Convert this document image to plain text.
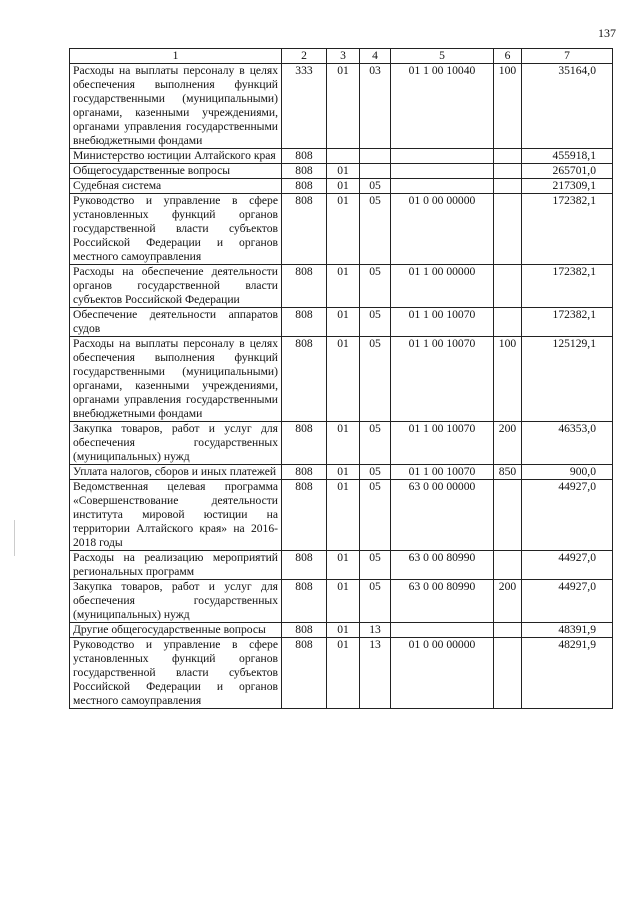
137
1	2	3	4	5	6	7
Расходы на выплаты персоналу в целях обеспечения выполнения функций государственными (муниципальными) органами, казенными учреждениями, органами управления государственными внебюджетными фондами	333	01	03	01 1 00 10040	100	35164,0
Министерство юстиции Алтайского края	808					455918,1
Общегосударственные вопросы	808	01				265701,0
Судебная система	808	01	05			217309,1
Руководство и управление в сфере установленных функций органов государственной власти субъектов Российской Федерации и органов местного самоуправления	808	01	05	01 0 00 00000		172382,1
Расходы на обеспечение деятельности органов государственной власти субъектов Российской Федерации	808	01	05	01 1 00 00000		172382,1
Обеспечение деятельности аппаратов судов	808	01	05	01 1 00 10070		172382,1
Расходы на выплаты персоналу в целях обеспечения выполнения функций государственными (муниципальными) органами, казенными учреждениями, органами управления государственными внебюджетными фондами	808	01	05	01 1 00 10070	100	125129,1
Закупка товаров, работ и услуг для обеспечения государственных (муниципальных) нужд	808	01	05	01 1 00 10070	200	46353,0
Уплата налогов, сборов и иных платежей	808	01	05	01 1 00 10070	850	900,0
Ведомственная целевая программа «Совершенствование деятельности института мировой юстиции на территории Алтайского края» на 2016-2018 годы	808	01	05	63 0 00 00000		44927,0
Расходы на реализацию мероприятий региональных программ	808	01	05	63 0 00 80990		44927,0
Закупка товаров, работ и услуг для обеспечения государственных (муниципальных) нужд	808	01	05	63 0 00 80990	200	44927,0
Другие общегосударственные вопросы	808	01	13			48391,9
Руководство и управление в сфере установленных функций органов государственной власти субъектов Российской Федерации и органов местного самоуправления	808	01	13	01 0 00 00000		48291,9
